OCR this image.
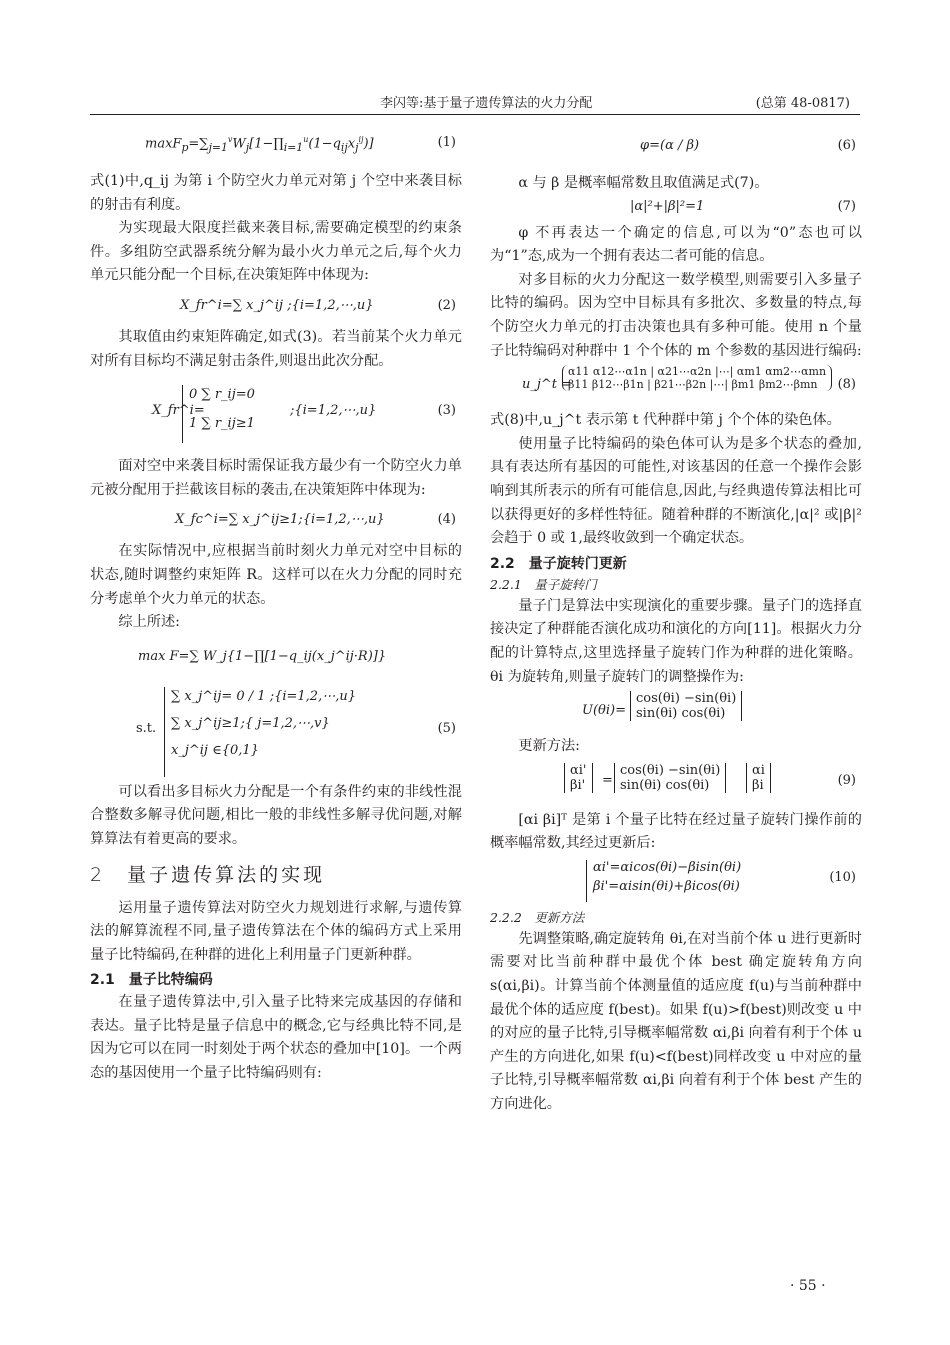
李闪等:基于量子遗传算法的火力分配	(总第 48-0817)
$\max F_p=\sum_{j=1}^vW_j[1-\prod_{i=1}^u(1-q_{ij}x_j^{ij})]$	(1)

式(1)中,q_ij 为第 i 个防空火力单元对第 j 个空中来袭目标的射击有利度。

为实现最大限度拦截来袭目标,需要确定模型的约束条件。多组防空武器系统分解为最小火力单元之后,每个火力单元只能分配一个目标,在决策矩阵中体现为:

X_fr^i=∑ x_j^ij ;{i=1,2,⋯,u}	(2)

其取值由约束矩阵确定,如式(3)。若当前某个火力单元对所有目标均不满足射击条件,则退出此次分配。

X_fr^i=
0 ∑ r_ij=0
1 ∑ r_ij≥1
;{i=1,2,⋯,u}	(3)

面对空中来袭目标时需保证我方最少有一个防空火力单元被分配用于拦截该目标的袭击,在决策矩阵中体现为:

X_fc^i=∑ x_j^ij≥1;{i=1,2,⋯,u}	(4)

在实际情况中,应根据当前时刻火力单元对空中目标的状态,随时调整约束矩阵 R。这样可以在火力分配的同时充分考虑单个火力单元的状态。

综上所述:

max F=∑ W_j{1−∏[1−q_ij(x_j^ij·R)]}
s.t.
∑ x_j^ij= 0 / 1 ;{i=1,2,⋯,u}
∑ x_j^ij≥1;{ j=1,2,⋯,v}
x_j^ij ∈{0,1}
(5)

可以看出多目标火力分配是一个有条件约束的非线性混合整数多解寻优问题,相比一般的非线性多解寻优问题,对解算算法有着更高的要求。

2　量子遗传算法的实现

运用量子遗传算法对防空火力规划进行求解,与遗传算法的解算流程不同,量子遗传算法在个体的编码方式上采用量子比特编码,在种群的进化上利用量子门更新种群。

2.1　量子比特编码

在量子遗传算法中,引入量子比特来完成基因的存储和表达。量子比特是量子信息中的概念,它与经典比特不同,是因为它可以在同一时刻处于两个状态的叠加中[10]。一个两态的基因使用一个量子比特编码则有:

φ=(α / β)	(6)

α 与 β 是概率幅常数且取值满足式(7)。

|α|²+|β|²=1	(7)

φ 不再表达一个确定的信息,可以为“0”态也可以为“1”态,成为一个拥有表达二者可能的信息。

对多目标的火力分配这一数学模型,则需要引入多量子比特的编码。因为空中目标具有多批次、多数量的特点,每个防空火力单元的打击决策也具有多种可能。使用 n 个量子比特编码对种群中 1 个个体的 m 个参数的基因进行编码:

u_j^t =
α11 α12⋯α1n | α21⋯α2n |⋯| αm1 αm2⋯αmn
β11 β12⋯β1n | β21⋯β2n |⋯| βm1 βm2⋯βmn	(8)

式(8)中,u_j^t 表示第 t 代种群中第 j 个个体的染色体。

使用量子比特编码的染色体可认为是多个状态的叠加,具有表达所有基因的可能性,对该基因的任意一个操作会影响到其所表示的所有可能信息,因此,与经典遗传算法相比可以获得更好的多样性特征。随着种群的不断演化,|α|² 或|β|² 会趋于 0 或 1,最终收敛到一个确定状态。

2.2　量子旋转门更新
2.2.1　量子旋转门

量子门是算法中实现演化的重要步骤。量子门的选择直接决定了种群能否演化成功和演化的方向[11]。根据火力分配的计算特点,这里选择量子旋转门作为种群的进化策略。θi 为旋转角,则量子旋转门的调整操作为:

U(θi)=
cos(θi) −sin(θi)
sin(θi) cos(θi)

更新方法:

αi'
βi' =
cos(θi) −sin(θi)
sin(θi) cos(θi)
αi
βi	(9)

[αi βi]ᵀ 是第 i 个量子比特在经过量子旋转门操作前的概率幅常数,其经过更新后:

αi'=αicos(θi)−βisin(θi)
βi'=αisin(θi)+βicos(θi)
(10)
2.2.2　更新方法

先调整策略,确定旋转角 θi,在对当前个体 u 进行更新时需要对比当前种群中最优个体 best 确定旋转角方向 s(αi,βi)。计算当前个体测量值的适应度 f(u)与当前种群中最优个体的适应度 f(best)。如果 f(u)>f(best)则改变 u 中的对应的量子比特,引导概率幅常数 αi,βi 向着有利于个体 u 产生的方向进化,如果 f(u)<f(best)同样改变 u 中对应的量子比特,引导概率幅常数 αi,βi 向着有利于个体 best 产生的方向进化。

· 55 ·
